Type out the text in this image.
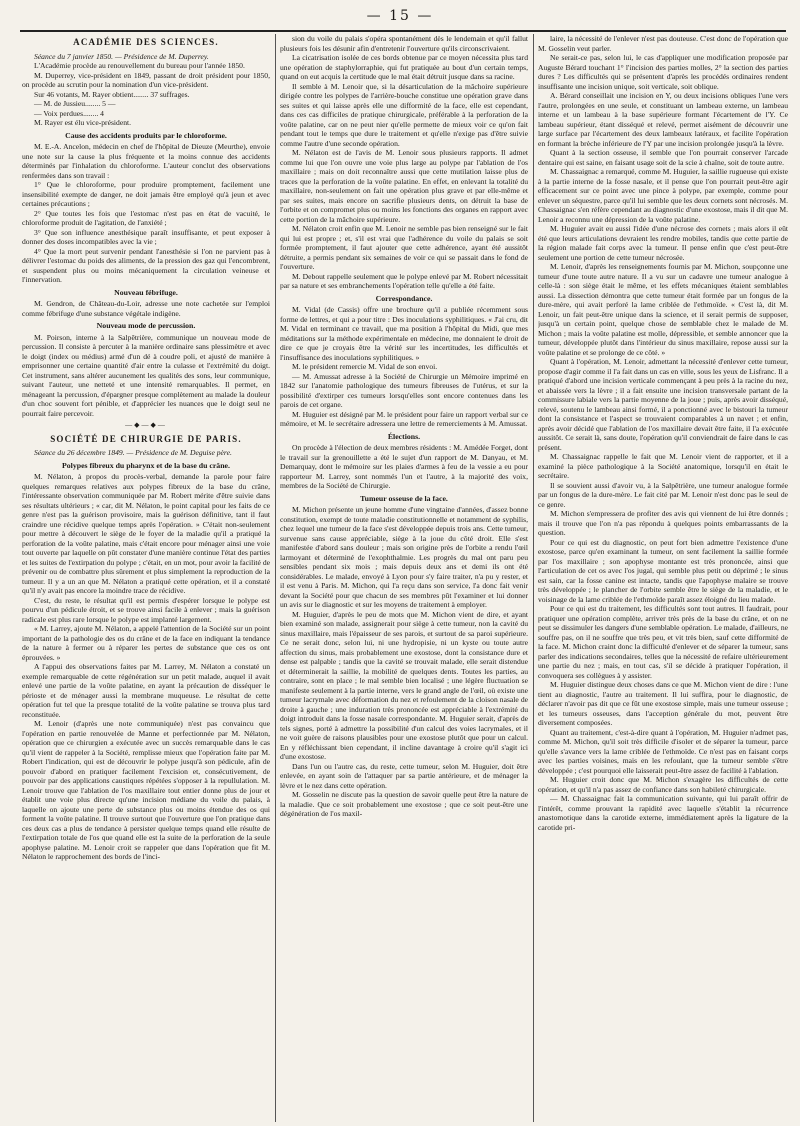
— 15 —
ACADÉMIE DES SCIENCES.

Séance du 7 janvier 1850. — Présidence de M. Duperrey.

L'Académie procède au renouvellement du bureau pour l'année 1850.

M. Duperrey, vice-président en 1849, passant de droit président pour 1850, on procède au scrutin pour la nomination d'un vice-président.

Sur 46 votants, M. Rayer obtient........ 37 suffrages.

— M. de Jussieu........ 5 —

— Voix perdues........ 4

M. Rayer est élu vice-président.

Cause des accidents produits par le chloroforme.

M. E.-A. Ancelon, médecin en chef de l'hôpital de Dieuze (Meurthe), envoie une note sur la cause la plus fréquente et la moins connue des accidents déterminés par l'inhalation du chloroforme. L'auteur conclut des observations renfermées dans son travail :

1° Que le chloroforme, pour produire promptement, facilement une insensibilité exempte de danger, ne doit jamais être employé qu'à jeun et avec certaines précautions ;

2° Que toutes les fois que l'estomac n'est pas en état de vacuité, le chloroforme produit de l'agitation, de l'anxiété ;

3° Que son influence anesthésique paraît insuffisante, et peut exposer à donner des doses incompatibles avec la vie ;

4° Que la mort peut survenir pendant l'anesthésie si l'on ne parvient pas à délivrer l'estomac du poids des aliments, de la pression des gaz qui l'encombrent, et suspendent plus ou moins mécaniquement la circulation veineuse et l'innervation.

Nouveau fébrifuge.

M. Gendron, de Château-du-Loir, adresse une note cachetée sur l'emploi comme fébrifuge d'une substance végétale indigène.

Nouveau mode de percussion.

M. Poirson, interne à la Salpêtrière, communique un nouveau mode de percussion. Il consiste à percuter à la manière ordinaire sans plessimètre et avec le doigt (index ou médius) armé d'un dé à coudre poli, et ajusté de manière à emprisonner une certaine quantité d'air entre la culasse et l'extrémité du doigt. Cet instrument, sans altérer aucunement les qualités des sons, leur communique, suivant l'auteur, une netteté et une intensité remarquables. Il permet, en ménageant la percussion, d'épargner presque complètement au malade la douleur d'un choc souvent fort pénible, et d'apprécier les nuances que le doigt seul ne pourrait faire percevoir.

—◆—◆—
SOCIÉTÉ DE CHIRURGIE DE PARIS.

Séance du 26 décembre 1849. — Présidence de M. Deguise père.

Polypes fibreux du pharynx et de la base du crâne.

M. Nélaton, à propos du procès-verbal, demande la parole pour faire quelques remarques relatives aux polypes fibreux de la base du crâne, l'intéressante observation communiquée par M. Robert mérite d'être suivie dans ses résultats ultérieurs ; « car, dit M. Nélaton, le point capital pour les faits de ce genre n'est pas la guérison provisoire, mais la guérison définitive, tant il faut craindre une récidive quelque temps après l'opération. » C'était non-seulement pour mettre à découvert le siège de le foyer de la maladie qu'il a pratiqué la perforation de la voûte palatine, mais c'était encore pour ménager ainsi une voie tout ouverte par laquelle on pût constater d'une manière continue l'état des parties et les suites de l'extirpation du polype ; c'était, en un mot, pour avoir la facilité de prévenir ou de combattre plus sûrement et plus simplement la reproduction de la tumeur. Il y a un an que M. Nélaton a pratiqué cette opération, et il a constaté qu'il n'y avait pas encore la moindre trace de récidive.

C'est, du reste, le résultat qu'il est permis d'espérer lorsque le polype est pourvu d'un pédicule étroit, et se trouve ainsi facile à enlever ; mais la guérison radicale est plus rare lorsque le polype est implanté largement.

« M. Larrey, ajoute M. Nélaton, a appelé l'attention de la Société sur un point important de la pathologie des os du crâne et de la face en indiquant la tendance de la nature à fermer ou à réparer les pertes de substance que ces os ont éprouvées. »

A l'appui des observations faites par M. Larrey, M. Nélaton a constaté un exemple remarquable de cette régénération sur un petit malade, auquel il avait enlevé une partie de la voûte palatine, en ayant la précaution de disséquer le périoste et de ménager aussi la membrane muqueuse. Le résultat de cette opération fut tel que la presque totalité de la voûte palatine se trouva plus tard reconstituée.

M. Lenoir (d'après une note communiquée) n'est pas convaincu que l'opération en partie renouvelée de Manne et perfectionnée par M. Nélaton, opération que ce chirurgien a exécutée avec un succès remarquable dans le cas qu'il vient de rappeler à la Société, remplisse mieux que l'opération faite par M. Robert l'indication, qui est de découvrir le polype jusqu'à son pédicule, afin de pouvoir d'abord en pratiquer facilement l'excision et, consécutivement, de pouvoir par des applications caustiques répétées s'opposer à la repullulation. M. Lenoir trouve que l'ablation de l'os maxillaire tout entier donne plus de jour et établit une voie plus directe qu'une incision médiane du voile du palais, à laquelle on ajoute une perte de substance plus ou moins étendue des os qui forment la voûte palatine. Il trouve surtout que l'ouverture que l'on pratique dans ces deux cas a plus de tendance à persister quelque temps quand elle résulte de l'extirpation totale de l'os que quand elle est la suite de la perforation de la seule apophyse palatine. M. Lenoir croit se rappeler que dans l'opération que fit M. Nélaton le rapprochement des bords de l'inci-

sion du voile du palais s'opéra spontanément dès le lendemain et qu'il fallut plusieurs fois les désunir afin d'entretenir l'ouverture qu'ils circonscrivaient.

La cicatrisation isolée de ces bords obtenue par ce moyen nécessita plus tard une opération de staphylorraphie, qui fut pratiquée au bout d'un certain temps, quand on eut acquis la certitude que le mal était détruit jusque dans sa racine.

Il semble à M. Lenoir que, si la désarticulation de la mâchoire supérieure dirigée contre les polypes de l'arrière-bouche constitue une opération grave dans ses suites et qui laisse après elle une difformité de la face, elle est cependant, dans ces cas difficiles de pratique chirurgicale, préférable à la perforation de la voûte palatine, car on ne peut nier qu'elle permette de mieux voir ce qu'on fait pendant tout le temps que dure le traitement et qu'elle n'exige pas d'être suivie comme l'autre d'une seconde opération.

M. Nélaton est de l'avis de M. Lenoir sous plusieurs rapports. Il admet comme lui que l'on ouvre une voie plus large au polype par l'ablation de l'os maxillaire ; mais on doit reconnaître aussi que cette mutilation laisse plus de traces que la perforation de la voûte palatine. En effet, en enlevant la totalité du maxillaire, non-seulement on fait une opération plus grave et par elle-même et par ses suites, mais encore on sacrifie plusieurs dents, on détruit la base de l'orbite et on compromet plus ou moins les fonctions des organes en rapport avec cette portion de la mâchoire supérieure.

M. Nélaton croit enfin que M. Lenoir ne semble pas bien renseigné sur le fait qui lui est propre ; et, s'il est vrai que l'adhérence du voile du palais se soit formée promptement, il faut ajouter que cette adhérence, ayant été aussitôt détruite, a permis pendant six semaines de voir ce qui se passait dans le fond de l'ouverture.

M. Debout rappelle seulement que le polype enlevé par M. Robert nécessitait par sa nature et ses embranchements l'opération telle qu'elle a été faite.

Correspondance.

M. Vidal (de Cassis) offre une brochure qu'il a publiée récemment sous forme de lettres, et qui a pour titre : Des inoculations syphilitiques. « J'ai cru, dit M. Vidal en terminant ce travail, que ma position à l'hôpital du Midi, que mes méditations sur la méthode expérimentale en médecine, me donnaient le droit de dire ce que je croyais être la vérité sur les incertitudes, les difficultés et l'insuffisance des inoculations syphilitiques. »

M. le président remercie M. Vidal de son envoi.

— M. Amussat adresse à la Société de Chirurgie un Mémoire imprimé en 1842 sur l'anatomie pathologique des tumeurs fibreuses de l'utérus, et sur la possibilité d'extirper ces tumeurs lorsqu'elles sont encore contenues dans les parois de cet organe.

M. Huguier est désigné par M. le président pour faire un rapport verbal sur ce mémoire, et M. le secrétaire adressera une lettre de remerciements à M. Amussat.

Élections.

On procède à l'élection de deux membres résidents : M. Amédée Forget, dont le travail sur la grenouillette a été le sujet d'un rapport de M. Danyau, et M. Demarquay, dont le mémoire sur les plaies d'armes à feu de la vessie a eu pour rapporteur M. Larrey, sont nommés l'un et l'autre, à la majorité des voix, membres de la Société de Chirurgie.

Tumeur osseuse de la face.

M. Michon présente un jeune homme d'une vingtaine d'années, d'assez bonne constitution, exempt de toute maladie constitutionnelle et notamment de syphilis, chez lequel une tumeur de la face s'est développée depuis trois ans. Cette tumeur, survenue sans cause appréciable, siège à la joue du côté droit. Elle s'est manifestée d'abord sans douleur ; mais son origine près de l'orbite a rendu l'œil larmoyant et déterminé de l'exophthalmie. Les progrès du mal ont paru peu sensibles pendant six mois ; mais depuis deux ans et demi ils ont été considérables. Le malade, envoyé à Lyon pour s'y faire traiter, n'a pu y rester, et il est venu à Paris. M. Michon, qui l'a reçu dans son service, l'a donc fait venir devant la Société pour que chacun de ses membres pût l'examiner et lui donner un avis sur le diagnostic et sur les moyens de traitement à employer.

M. Huguier, d'après le peu de mots que M. Michon vient de dire, et ayant bien examiné son malade, assignerait pour siège à cette tumeur, non la cavité du sinus maxillaire, mais l'épaisseur de ses parois, et surtout de sa paroi supérieure. Ce ne serait donc, selon lui, ni une hydropisie, ni un kyste ou toute autre affection du sinus, mais probablement une exostose, dont la consistance dure et dense est palpable ; tandis que la cavité se trouvait malade, elle serait distendue et déterminerait la saillie, la mobilité de quelques dents. Toutes les parties, au contraire, sont en place ; le mal semble bien localisé ; une légère fluctuation se manifeste seulement à la partie interne, vers le grand angle de l'œil, où existe une tumeur lacrymale avec déformation du nez et refoulement de la cloison nasale de droite à gauche ; une induration très prononcée est appréciable à l'extrémité du doigt introduit dans la fosse nasale correspondante. M. Huguier serait, d'après de tels signes, porté à admettre la possibilité d'un calcul des voies lacrymales, et il ne voit guère de raisons plausibles pour une exostose plutôt que pour un calcul. En y réfléchissant bien cependant, il incline davantage à croire qu'il s'agit ici d'une exostose.

Dans l'un ou l'autre cas, du reste, cette tumeur, selon M. Huguier, doit être enlevée, en ayant soin de l'attaquer par sa partie antérieure, et de ménager la lèvre et le nez dans cette opération.

M. Gosselin ne discute pas la question de savoir quelle peut être la nature de la maladie. Que ce soit probablement une exostose ; que ce soit peut-être une dégénération de l'os maxil-

laire, la nécessité de l'enlever n'est pas douteuse. C'est donc de l'opération que M. Gosselin veut parler.

Ne serait-ce pas, selon lui, le cas d'appliquer une modification proposée par Auguste Bérard touchant 1° l'incision des parties molles, 2° la section des parties dures ? Les difficultés qui se présentent d'après les procédés ordinaires rendent insuffisante une incision unique, soit verticale, soit oblique.

A. Bérard conseillait une incision en Y, ou deux incisions obliques l'une vers l'autre, prolongées en une seule, et constituant un lambeau externe, un lambeau interne et un lambeau à la base supérieure formant l'écartement de l'Y. Ce lambeau supérieur, étant disséqué et relevé, permet aisément de découvrir une large surface par l'écartement des deux lambeaux latéraux, et facilite l'opération en formant la brèche inférieure de l'Y par une incision prolongée jusqu'à la lèvre.

Quant à la section osseuse, il semble que l'on pourrait conserver l'arcade dentaire qui est saine, en faisant usage soit de la scie à chaîne, soit de toute autre.

M. Chassaignac a remarqué, comme M. Huguier, la saillie rugueuse qui existe à la partie interne de la fosse nasale, et il pense que l'on pourrait peut-être agir efficacement sur ce point avec une pince à polype, par exemple, comme pour enlever un séquestre, parce qu'il lui semble que les deux cornets sont nécrosés. M. Chassaignac s'en réfère cependant au diagnostic d'une exostose, mais il dit que M. Lenoir a reconnu une dépression de la voûte palatine.

M. Huguier avait eu aussi l'idée d'une nécrose des cornets ; mais alors il eût été que leurs articulations devraient les rendre mobiles, tandis que cette partie de la région malade fait corps avec la tumeur. Il pense enfin que c'est peut-être seulement une portion de cette tumeur nécrosée.

M. Lenoir, d'après les renseignements fournis par M. Michon, soupçonne une tumeur d'une toute autre nature. Il a vu sur un cadavre une tumeur analogue à celle-là : son siège était le même, et les effets mécaniques étaient semblables aussi. La dissection démontra que cette tumeur était formée par un fongus de la dure-mère, qui avait perforé la lame criblée de l'ethmoïde. « C'est là, dit M. Lenoir, un fait peut-être unique dans la science, et il serait permis de supposer, jusqu'à un certain point, quelque chose de semblable chez le malade de M. Michon ; mais la voûte palatine est molle, dépressible, et semble annoncer que la tumeur, développée plutôt dans l'intérieur du sinus maxillaire, repose aussi sur la voûte palatine et se prolonge de ce côté. »

Quant à l'opération, M. Lenoir, admettant la nécessité d'enlever cette tumeur, propose d'agir comme il l'a fait dans un cas en ville, sous les yeux de Lisfranc. Il a pratiqué d'abord une incision verticale commençant à peu près à la racine du nez, et abaissée vers la lèvre ; il a fait ensuite une incision transversale partant de la commissure labiale vers la partie moyenne de la joue ; puis, après avoir disséqué, relevé, soutenu le lambeau ainsi formé, il a ponctionné avec le bistouri la tumeur dont la consistance et l'aspect se trouvaient comparables à un navet ; et enfin, après avoir décidé que l'ablation de l'os maxillaire devait être faite, il l'a exécutée aussitôt. Ce serait là, sans doute, l'opération qu'il conviendrait de faire dans le cas présent.

M. Chassaignac rappelle le fait que M. Lenoir vient de rapporter, et il a examiné la pièce pathologique à la Société anatomique, lorsqu'il en était le secrétaire.

Il se souvient aussi d'avoir vu, à la Salpêtrière, une tumeur analogue formée par un fongus de la dure-mère. Le fait cité par M. Lenoir n'est donc pas le seul de ce genre.

M. Michon s'empressera de profiter des avis qui viennent de lui être donnés ; mais il trouve que l'on n'a pas répondu à quelques points embarrassants de la question.

Pour ce qui est du diagnostic, on peut fort bien admettre l'existence d'une exostose, parce qu'en examinant la tumeur, on sent facilement la saillie formée par l'os maxillaire ; son apophyse montante est très prononcée, ainsi que l'articulation de cet os avec l'os jugal, qui semble plus petit ou déprimé ; le sinus est sain, car la fosse canine est intacte, tandis que l'apophyse malaire se trouve très développée ; le plancher de l'orbite semble être le siège de la maladie, et le voisinage de la lame criblée de l'ethmoïde paraît assez éloigné du lieu malade.

Pour ce qui est du traitement, les difficultés sont tout autres. Il faudrait, pour pratiquer une opération complète, arriver très près de la base du crâne, et on ne peut se dissimuler les dangers d'une semblable opération. Le malade, d'ailleurs, ne souffre pas, on il ne souffre que très peu, et vit très bien, sauf cette difformité de la face. M. Michon craint donc la difficulté d'enlever et de séparer la tumeur, sans parler des indications secondaires, telles que la nécessité de refaire ultérieurement une partie du nez ; mais, en tout cas, s'il se décide à pratiquer l'opération, il convoquera ses collègues à y assister.

M. Huguier distingue deux choses dans ce que M. Michon vient de dire : l'une tient au diagnostic, l'autre au traitement. Il lui suffira, pour le diagnostic, de déclarer n'avoir pas dit que ce fût une exostose simple, mais une tumeur osseuse ; et les tumeurs osseuses, dans l'acception générale du mot, peuvent être diversement composées.

Quant au traitement, c'est-à-dire quant à l'opération, M. Huguier n'admet pas, comme M. Michon, qu'il soit très difficile d'isoler et de séparer la tumeur, parce qu'elle s'avance vers la lame criblée de l'ethmoïde. Ce n'est pas en faisant corps avec les parties voisines, mais en les refoulant, que la tumeur semble s'être développée ; c'est pourquoi elle laisserait peut-être assez de facilité à l'ablation.

M. Huguier croit donc que M. Michon s'exagère les difficultés de cette opération, et qu'il n'a pas assez de confiance dans son habileté chirurgicale.

— M. Chassaignac fait la communication suivante, qui lui paraît offrir de l'intérêt, comme prouvant la rapidité avec laquelle s'établit la récurrence anastomotique dans la carotide externe, immédiatement après la ligature de la carotide pri-
